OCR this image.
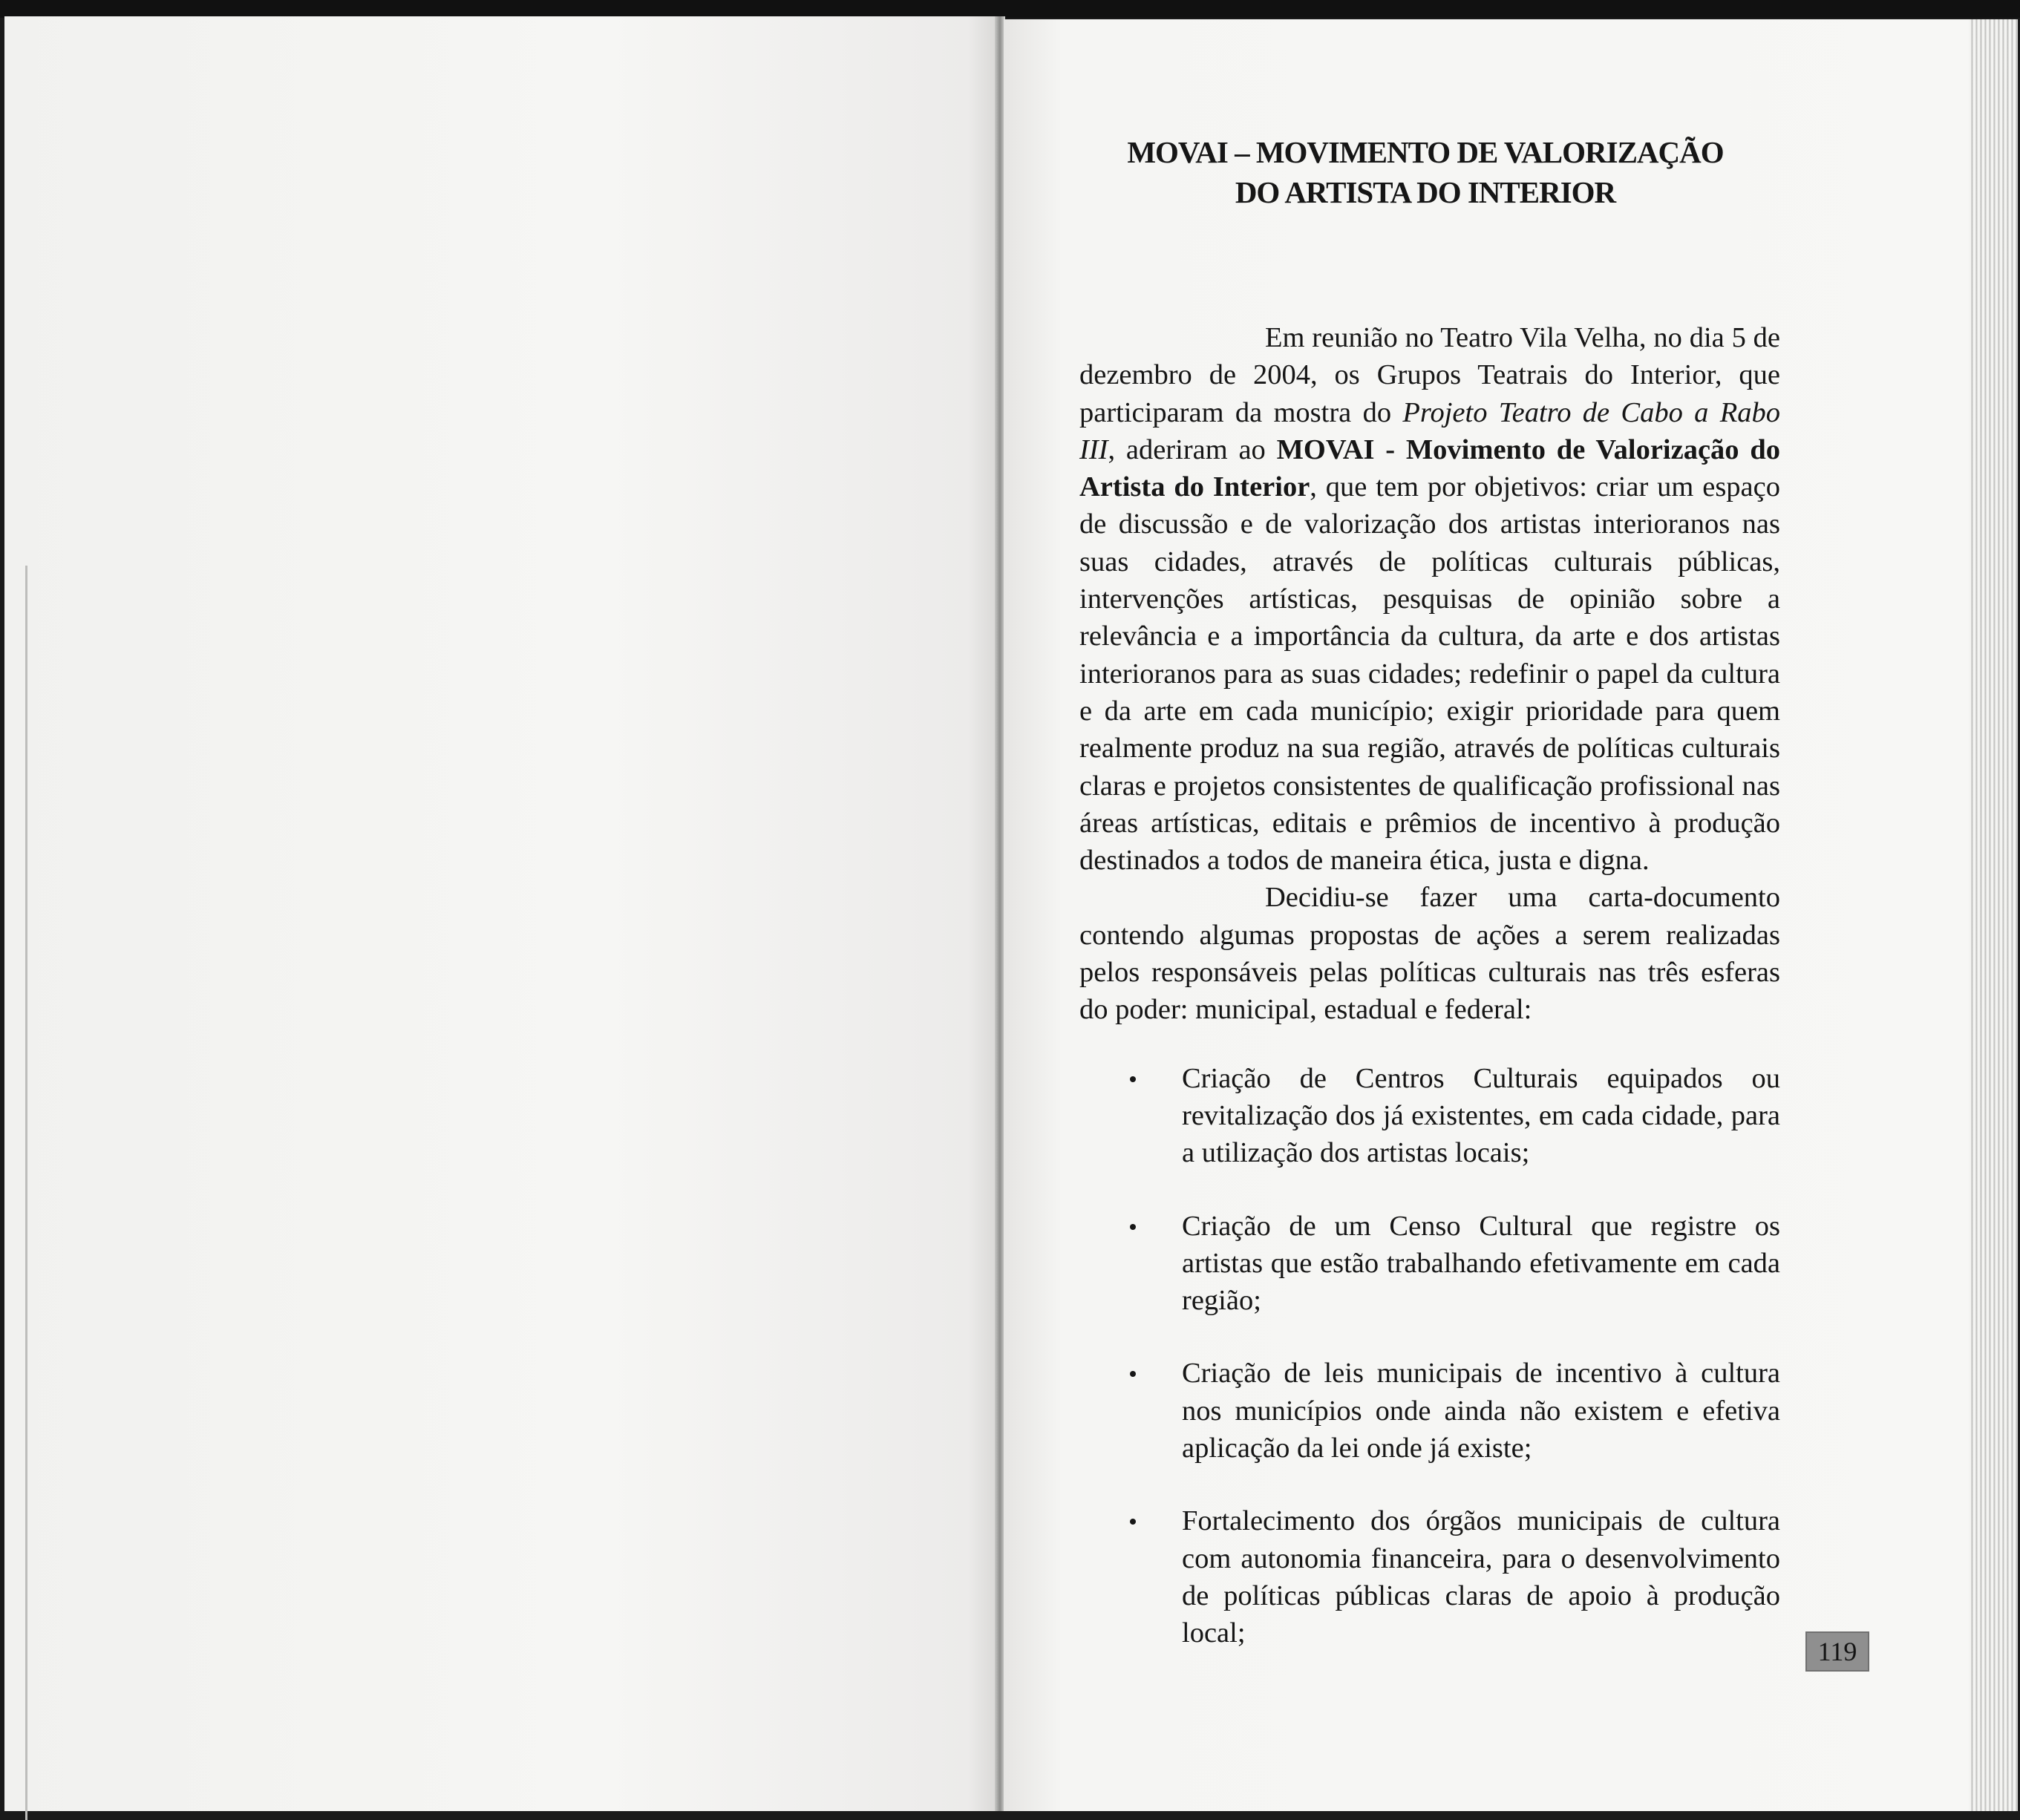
MOVAI – MOVIMENTO DE VALORIZAÇÃO
DO ARTISTA DO INTERIOR

Em reunião no Teatro Vila Velha, no dia 5 de dezembro de 2004, os Grupos Teatrais do Interior, que participaram da mostra do Projeto Teatro de Cabo a Rabo III, aderiram ao MOVAI - Movimento de Valorização do Artista do Interior, que tem por objetivos: criar um espaço de discussão e de valorização dos artistas interioranos nas suas cidades, através de políticas culturais públicas, intervenções artísticas, pesquisas de opinião sobre a relevância e a importância da cultura, da arte e dos artistas interioranos para as suas cidades; redefinir o papel da cultura e da arte em cada município; exigir prioridade para quem realmente produz na sua região, através de políticas culturais claras e projetos consistentes de qualificação profissional nas áreas artísticas, editais e prêmios de incentivo à produção destinados a todos de maneira ética, justa e digna.

Decidiu-se fazer uma carta-documento contendo algumas propostas de ações a serem realizadas pelos responsáveis pelas políticas culturais nas três esferas do poder: municipal, estadual e federal:

Criação de Centros Culturais equipados ou revitalização dos já existentes, em cada cidade, para a utilização dos artistas locais;
Criação de um Censo Cultural que registre os artistas que estão trabalhando efetivamente em cada região;
Criação de leis municipais de incentivo à cultura nos municípios onde ainda não existem e efetiva aplicação da lei onde já existe;
Fortalecimento dos órgãos municipais de cultura com autonomia financeira, para o desenvolvimento de políticas públicas claras de apoio à produção local;
119
